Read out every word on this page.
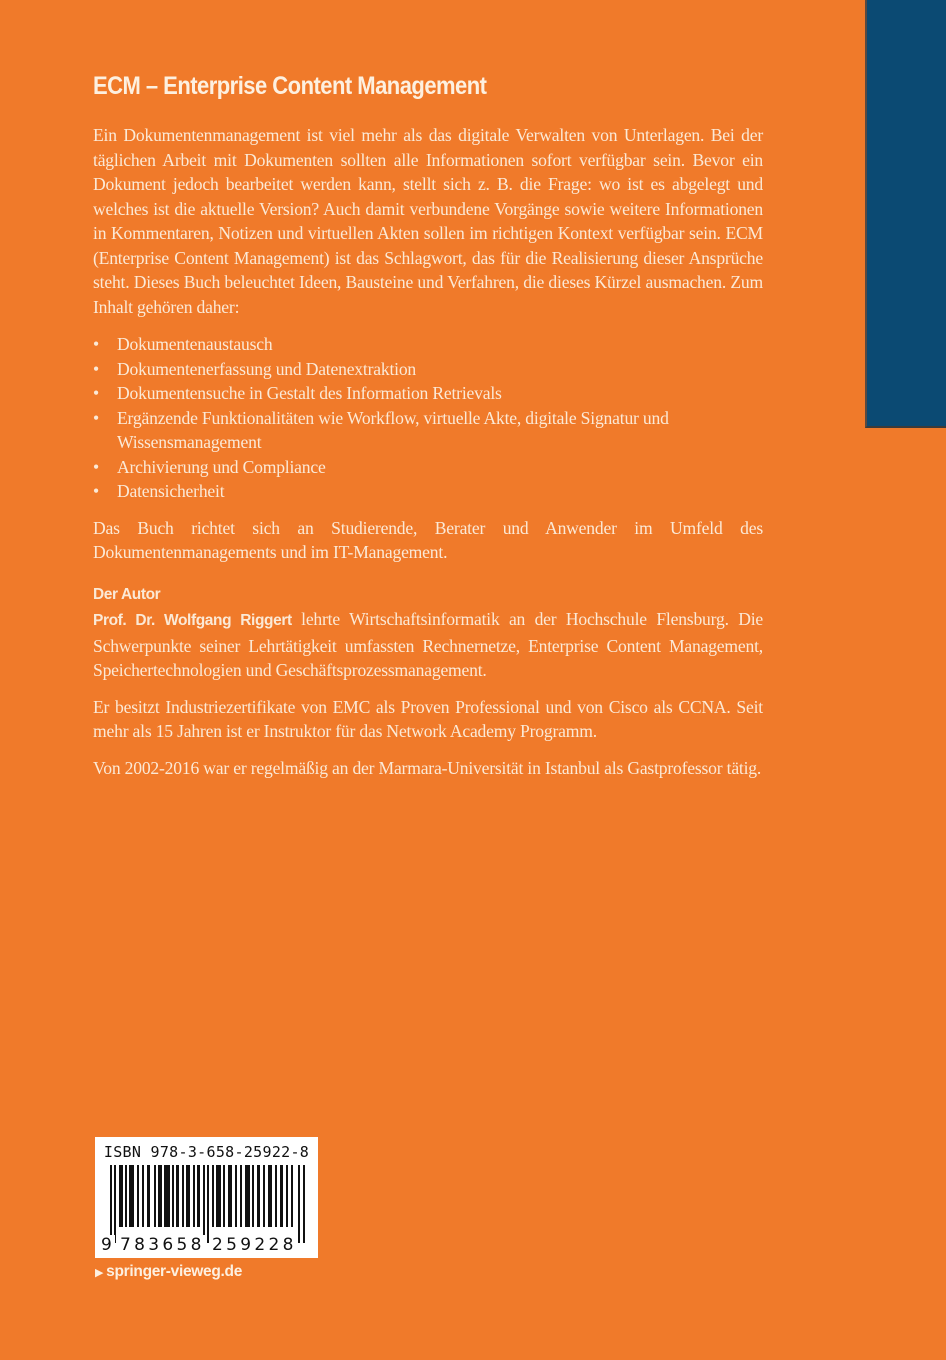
ECM – Enterprise Content Management

Ein Dokumentenmanagement ist viel mehr als das digitale Verwalten von Unterlagen. Bei der täglichen Arbeit mit Dokumenten sollten alle Informationen sofort verfügbar sein. Bevor ein Dokument jedoch bearbeitet werden kann, stellt sich z. B. die Frage: wo ist es abgelegt und welches ist die aktuelle Version? Auch damit verbundene Vorgänge sowie weitere Informationen in Kommentaren, Notizen und virtuellen Akten sollen im richtigen Kontext verfügbar sein. ECM (Enterprise Content Management) ist das Schlagwort, das für die Realisierung dieser Ansprüche steht. Dieses Buch beleuchtet Ideen, Bausteine und Verfahren, die dieses Kürzel ausmachen. Zum Inhalt gehören daher:

• Dokumentenaustausch
• Dokumentenerfassung und Datenextraktion
• Dokumentensuche in Gestalt des Information Retrievals
• Ergänzende Funktionalitäten wie Workflow, virtuelle Akte, digitale Signatur und Wissensmanagement
• Archivierung und Compliance
• Datensicherheit

Das Buch richtet sich an Studierende, Berater und Anwender im Umfeld des Dokumentenmanagements und im IT-Management.

Der Autor

Prof. Dr. Wolfgang Riggert lehrte Wirtschaftsinformatik an der Hochschule Flensburg. Die Schwerpunkte seiner Lehrtätigkeit umfassten Rechnernetze, Enterprise Content Management, Speichertechnologien und Geschäftsprozessmanagement.

Er besitzt Industriezertifikate von EMC als Proven Professional und von Cisco als CCNA. Seit mehr als 15 Jahren ist er Instruktor für das Network Academy Programm.

Von 2002-2016 war er regelmäßig an der Marmara-Universität in Istanbul als Gastprofessor tätig.

ISBN 978-3-658-25922-8
9 783658 259228
▶ springer-vieweg.de
